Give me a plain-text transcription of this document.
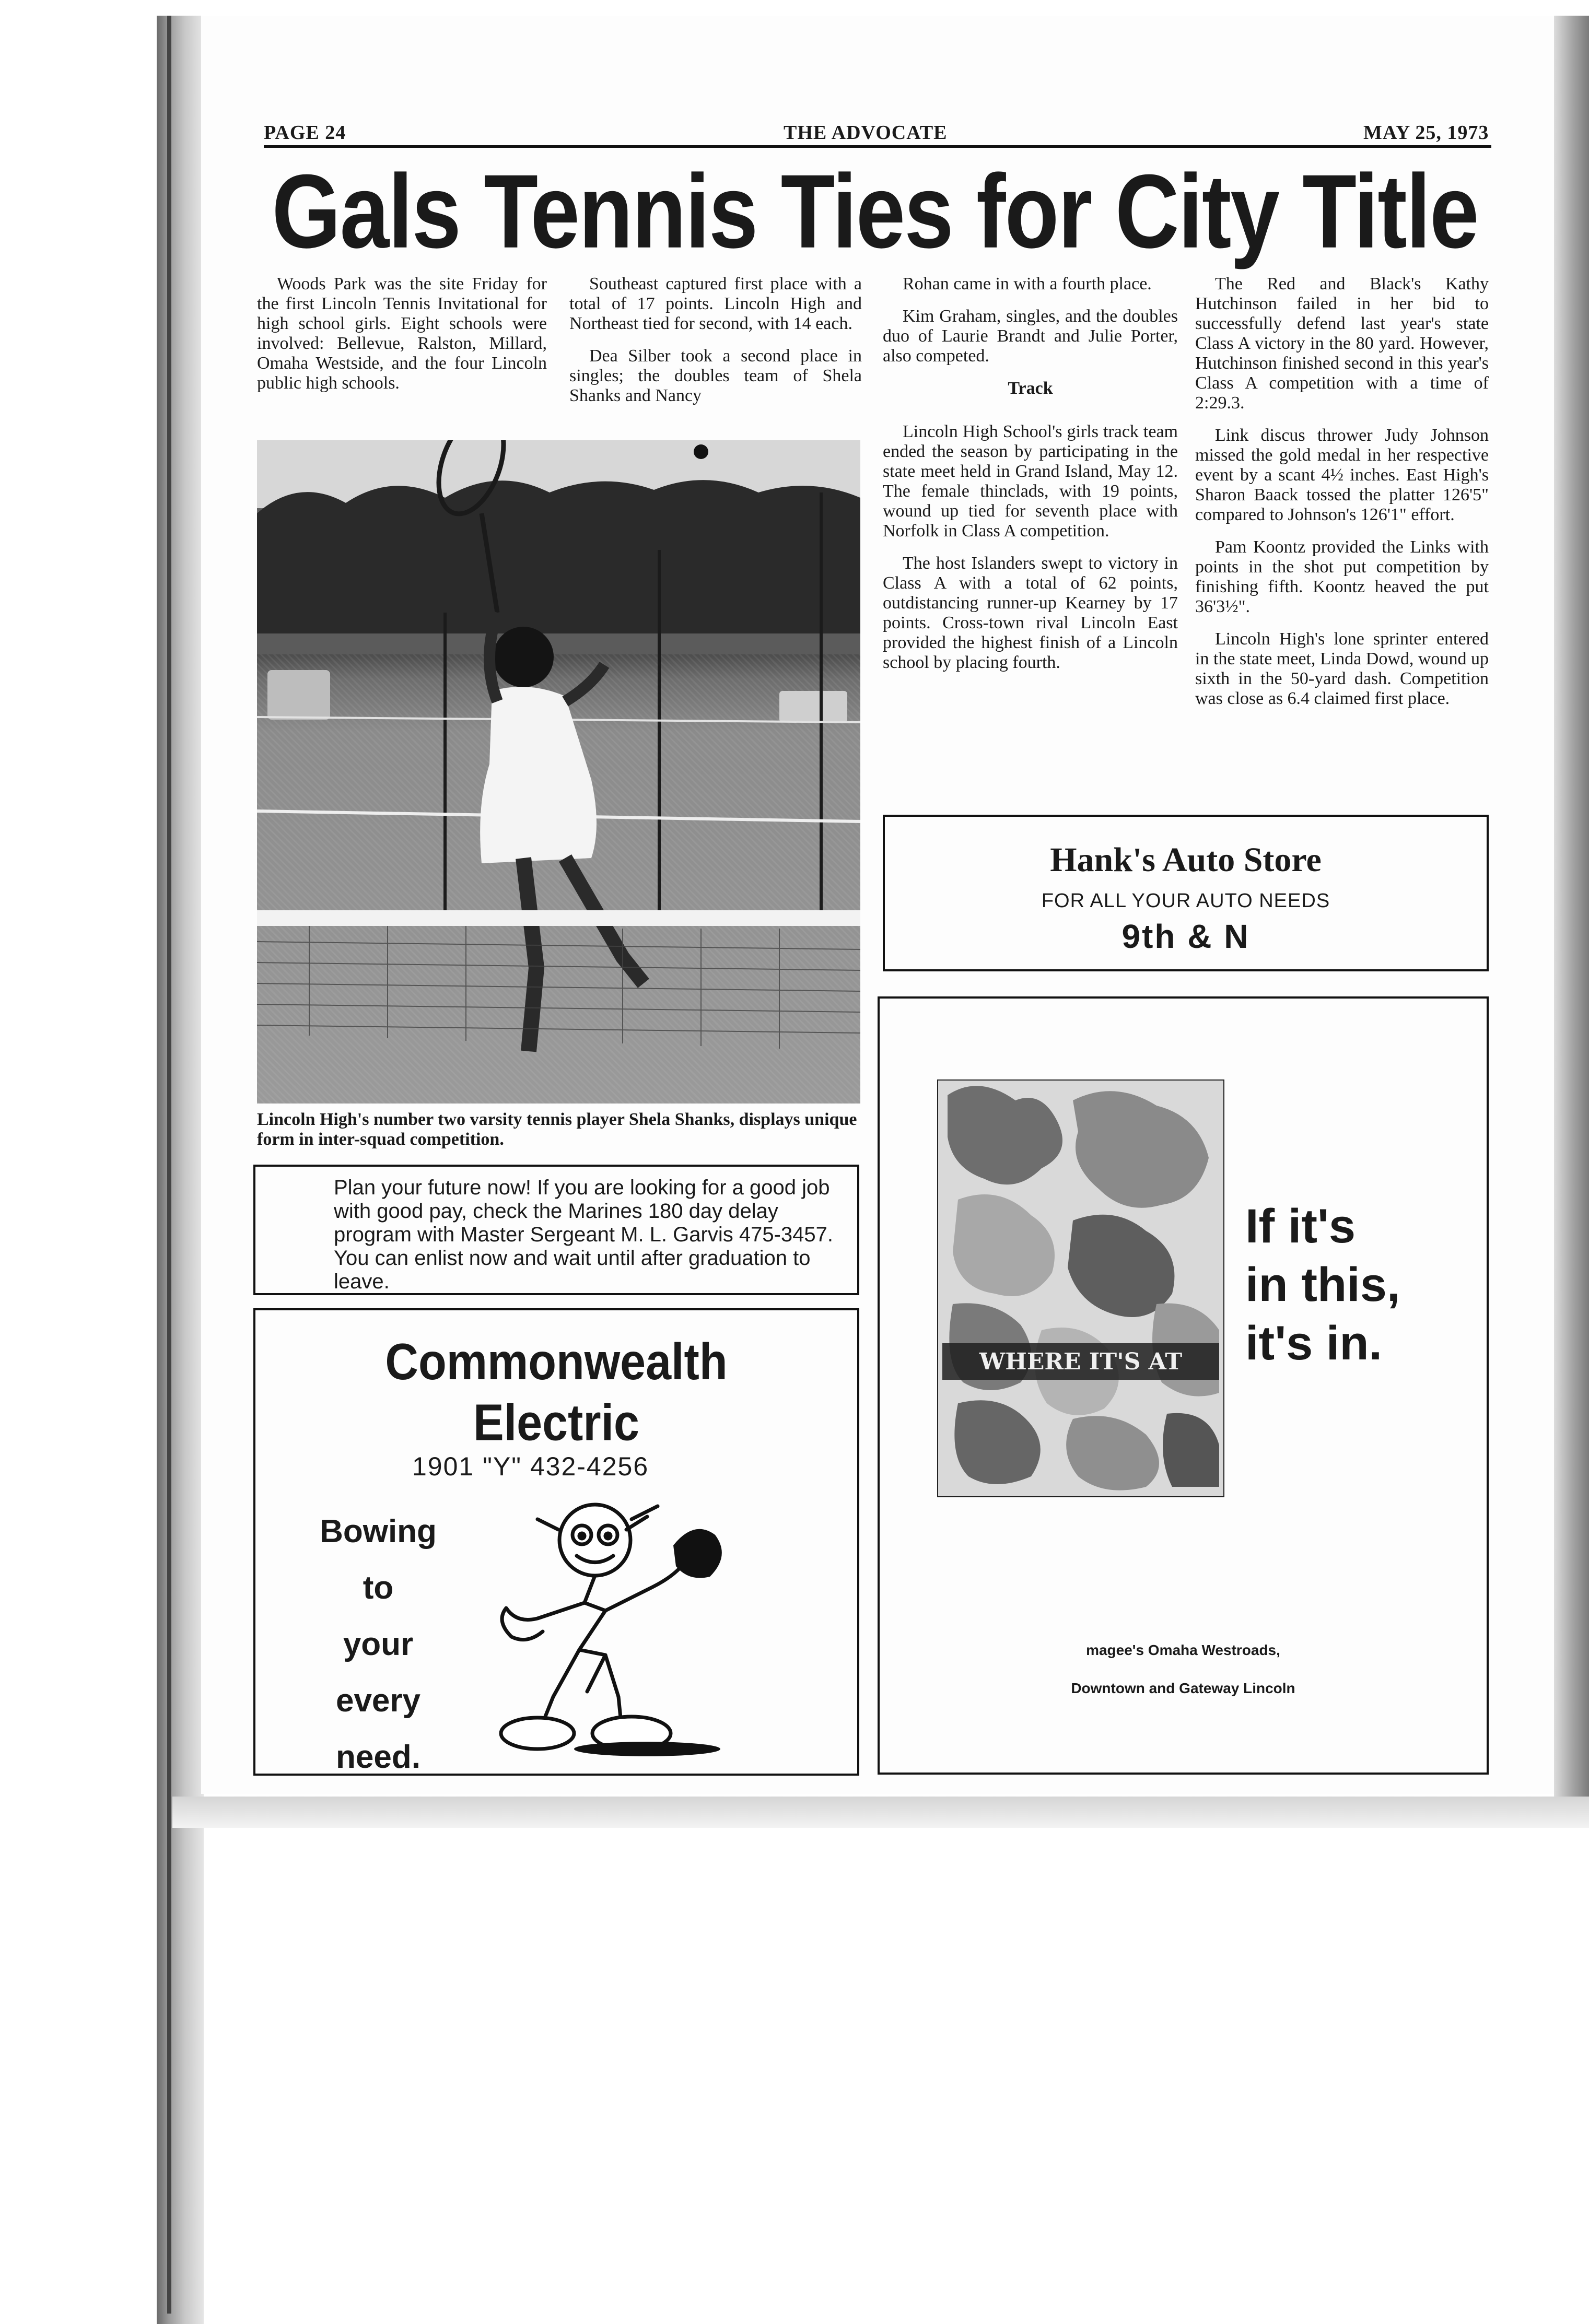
PAGE 24	THE ADVOCATE	MAY 25, 1973
Gals Tennis Ties for City Title

Woods Park was the site Friday for the first Lincoln Tennis Invitational for high school girls. Eight schools were involved: Bellevue, Ralston, Millard, Omaha Westside, and the four Lincoln public high schools.

Southeast captured first place with a total of 17 points. Lincoln High and Northeast tied for second, with 14 each.

Dea Silber took a second place in singles; the doubles team of Shela Shanks and Nancy

Rohan came in with a fourth place.

Kim Graham, singles, and the doubles duo of Laurie Brandt and Julie Porter, also competed.

Track

Lincoln High School's girls track team ended the season by participating in the state meet held in Grand Island, May 12. The female thinclads, with 19 points, wound up tied for seventh place with Norfolk in Class A competition.

The host Islanders swept to victory in Class A with a total of 62 points, outdistancing runner-up Kearney by 17 points. Cross-town rival Lincoln East provided the highest finish of a Lincoln school by placing fourth.

The Red and Black's Kathy Hutchinson failed in her bid to successfully defend last year's state Class A victory in the 80 yard. However, Hutchinson finished second in this year's Class A competition with a time of 2:29.3.

Link discus thrower Judy Johnson missed the gold medal in her respective event by a scant 4½ inches. East High's Sharon Baack tossed the platter 126'5" compared to Johnson's 126'1" effort.

Pam Koontz provided the Links with points in the shot put competition by finishing fifth. Koontz heaved the put 36'3½".

Lincoln High's lone sprinter entered in the state meet, Linda Dowd, wound up sixth in the 50-yard dash. Competition was close as 6.4 claimed first place.

Lincoln High's number two varsity tennis player Shela Shanks, displays unique form in inter-squad competition.
Plan your future now! If you are looking for a good job with good pay, check the Marines 180 day delay program with Master Sergeant M. L. Garvis 475-3457. You can enlist now and wait until after graduation to leave.
Commonwealth
Electric
1901 "Y" 432-4256
Bowing
to
your
every
need.
Hank's Auto Store
FOR ALL YOUR AUTO NEEDS
9th & N
WHERE IT'S AT
If it's
in this,
it's in.
magee's Omaha Westroads,
Downtown and Gateway Lincoln
